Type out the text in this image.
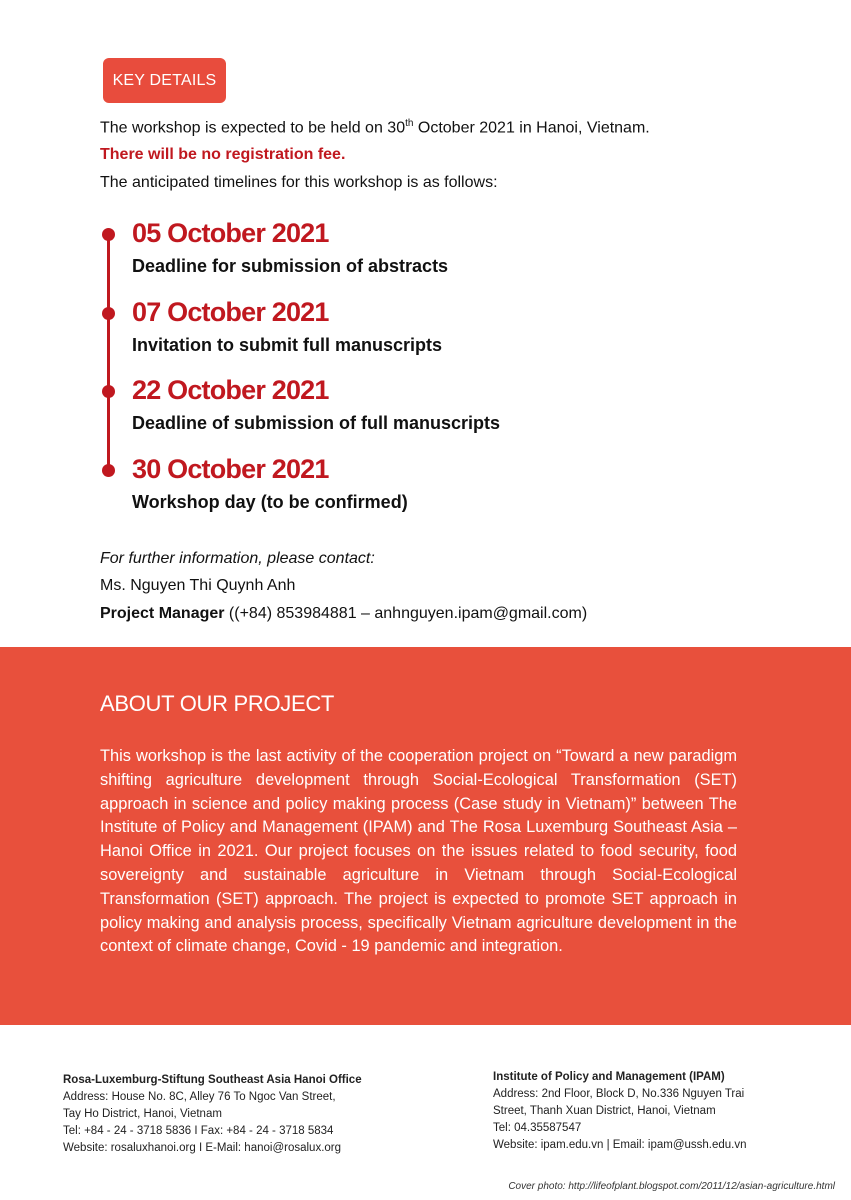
KEY DETAILS
The workshop is expected to be held on 30th October 2021 in Hanoi, Vietnam.
There will be no registration fee.
The anticipated timelines for this workshop is as follows:
05 October 2021
Deadline for submission of abstracts
07 October 2021
Invitation to submit full manuscripts
22 October 2021
Deadline of submission of full manuscripts
30 October 2021
Workshop day (to be confirmed)
For further information, please contact:
Ms. Nguyen Thi Quynh Anh
Project Manager ((+84) 853984881 – anhnguyen.ipam@gmail.com)
ABOUT OUR PROJECT
This workshop is the last activity of the cooperation project on “Toward a new paradigm shifting agriculture development through Social-Ecological Transformation (SET) approach in science and policy making process (Case study in Vietnam)” between The Institute of Policy and Management (IPAM) and The Rosa Luxemburg Southeast Asia – Hanoi Office in 2021. Our project focuses on the issues related to food security, food sovereignty and sustainable agriculture in Vietnam through Social-Ecological Transformation (SET) approach. The project is expected to promote SET approach in policy making and analysis process, specifically Vietnam agriculture development in the context of climate change, Covid - 19 pandemic and integration.
Rosa-Luxemburg-Stiftung Southeast Asia Hanoi Office
Address: House No. 8C, Alley 76 To Ngoc Van Street,
Tay Ho District, Hanoi, Vietnam
Tel: +84 - 24 - 3718 5836 I Fax: +84 - 24 - 3718 5834
Website: rosaluxhanoi.org I E-Mail: hanoi@rosalux.org
Institute of Policy and Management (IPAM)
Address: 2nd Floor, Block D, No.336 Nguyen Trai
Street, Thanh Xuan District, Hanoi, Vietnam
Tel: 04.35587547
Website: ipam.edu.vn | Email: ipam@ussh.edu.vn
Cover photo: http://lifeofplant.blogspot.com/2011/12/asian-agriculture.html
